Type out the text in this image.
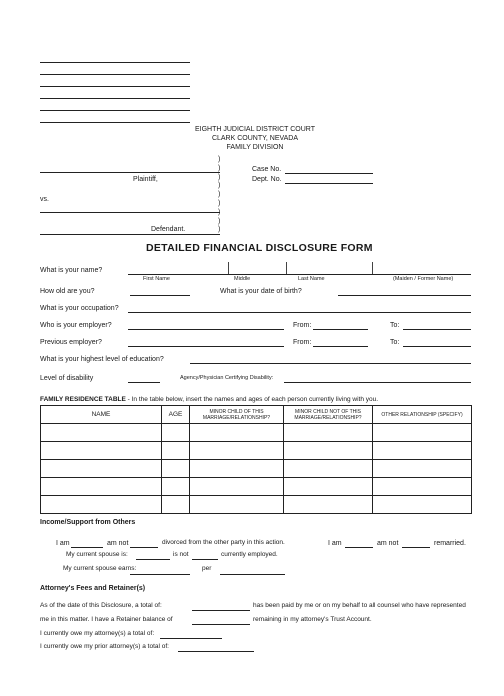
EIGHTH JUDICIAL DISTRICT COURT
CLARK COUNTY, NEVADA
FAMILY DIVISION
)
)
)
)
)
)
)
)
)
Plaintiff,
vs.
Defendant.
Case No.
Dept. No.
DETAILED FINANCIAL DISCLOSURE FORM
What is your name?
First Name	Middle	Last Name	(Maiden / Former Name)
How old are you?	What is your date of birth?
What is your occupation?
Who is your employer?	From:	To:
Previous employer?	From:	To:
What is your highest level of education?
Level of disability	Agency/Physician Certifying Disability:
FAMILY RESIDENCE TABLE - In the table below, insert the names and ages of each person currently living with you.
NAME	AGE	MINOR CHILD OF THIS MARRIAGE/RELATIONSHIP?	MINOR CHILD NOT OF THIS MARRIAGE/RELATIONSHIP?	OTHER RELATIONSHIP (SPECIFY)

Income/Support from Others
I am	am not	divorced from the other party in this action.	I am	am not	remarried.
My current spouse is:	is not	currently employed.
My current spouse earns:	per
Attorney's Fees and Retainer(s)
As of the date of this Disclosure, a total of:	has been paid by me or on my behalf to all counsel who have represented
me in this matter. I have a Retainer balance of	remaining in my attorney's Trust Account.
I currently owe my attorney(s) a total of:
I currently owe my prior attorney(s) a total of:
